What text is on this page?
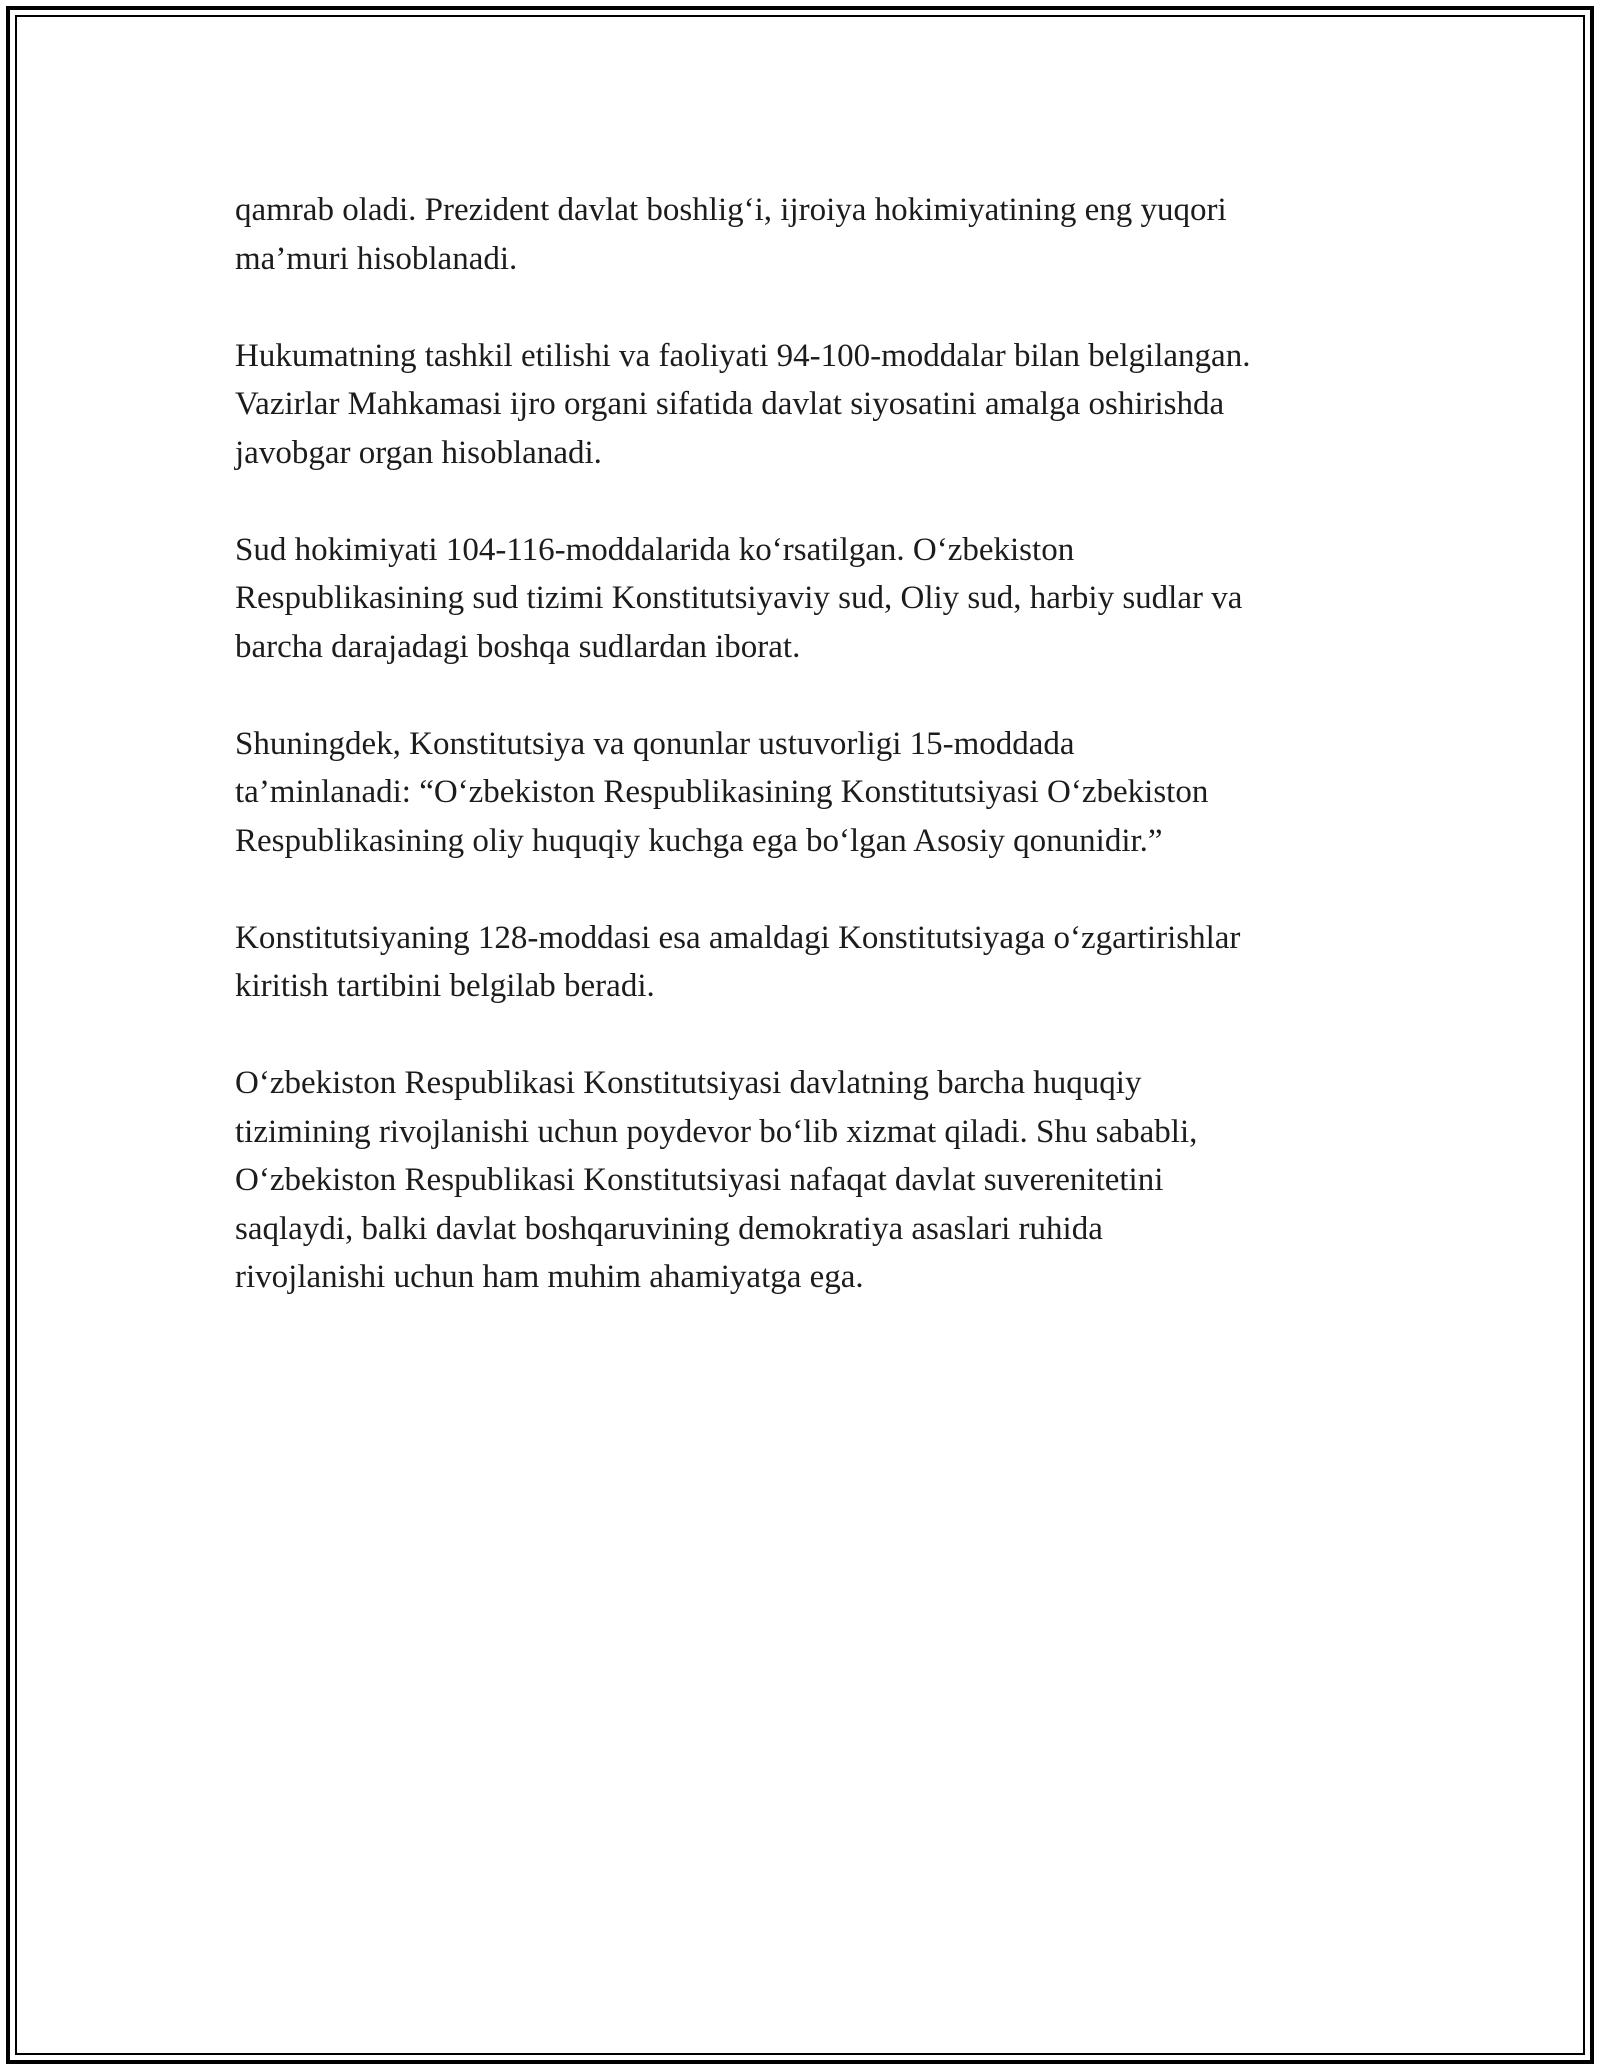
qamrab oladi. Prezident davlat boshlig‘i, ijroiya hokimiyatining eng yuqori
ma’muri hisoblanadi.

Hukumatning tashkil etilishi va faoliyati 94-100-moddalar bilan belgilangan.
Vazirlar Mahkamasi ijro organi sifatida davlat siyosatini amalga oshirishda
javobgar organ hisoblanadi.

Sud hokimiyati 104-116-moddalarida ko‘rsatilgan. O‘zbekiston
Respublikasining sud tizimi Konstitutsiyaviy sud, Oliy sud, harbiy sudlar va
barcha darajadagi boshqa sudlardan iborat.

Shuningdek, Konstitutsiya va qonunlar ustuvorligi 15-moddada
ta’minlanadi: “O‘zbekiston Respublikasining Konstitutsiyasi O‘zbekiston
Respublikasining oliy huquqiy kuchga ega bo‘lgan Asosiy qonunidir.”

Konstitutsiyaning 128-moddasi esa amaldagi Konstitutsiyaga o‘zgartirishlar
kiritish tartibini belgilab beradi.

O‘zbekiston Respublikasi Konstitutsiyasi davlatning barcha huquqiy
tizimining rivojlanishi uchun poydevor bo‘lib xizmat qiladi. Shu sababli,
O‘zbekiston Respublikasi Konstitutsiyasi nafaqat davlat suverenitetini
saqlaydi, balki davlat boshqaruvining demokratiya asaslari ruhida
rivojlanishi uchun ham muhim ahamiyatga ega.
